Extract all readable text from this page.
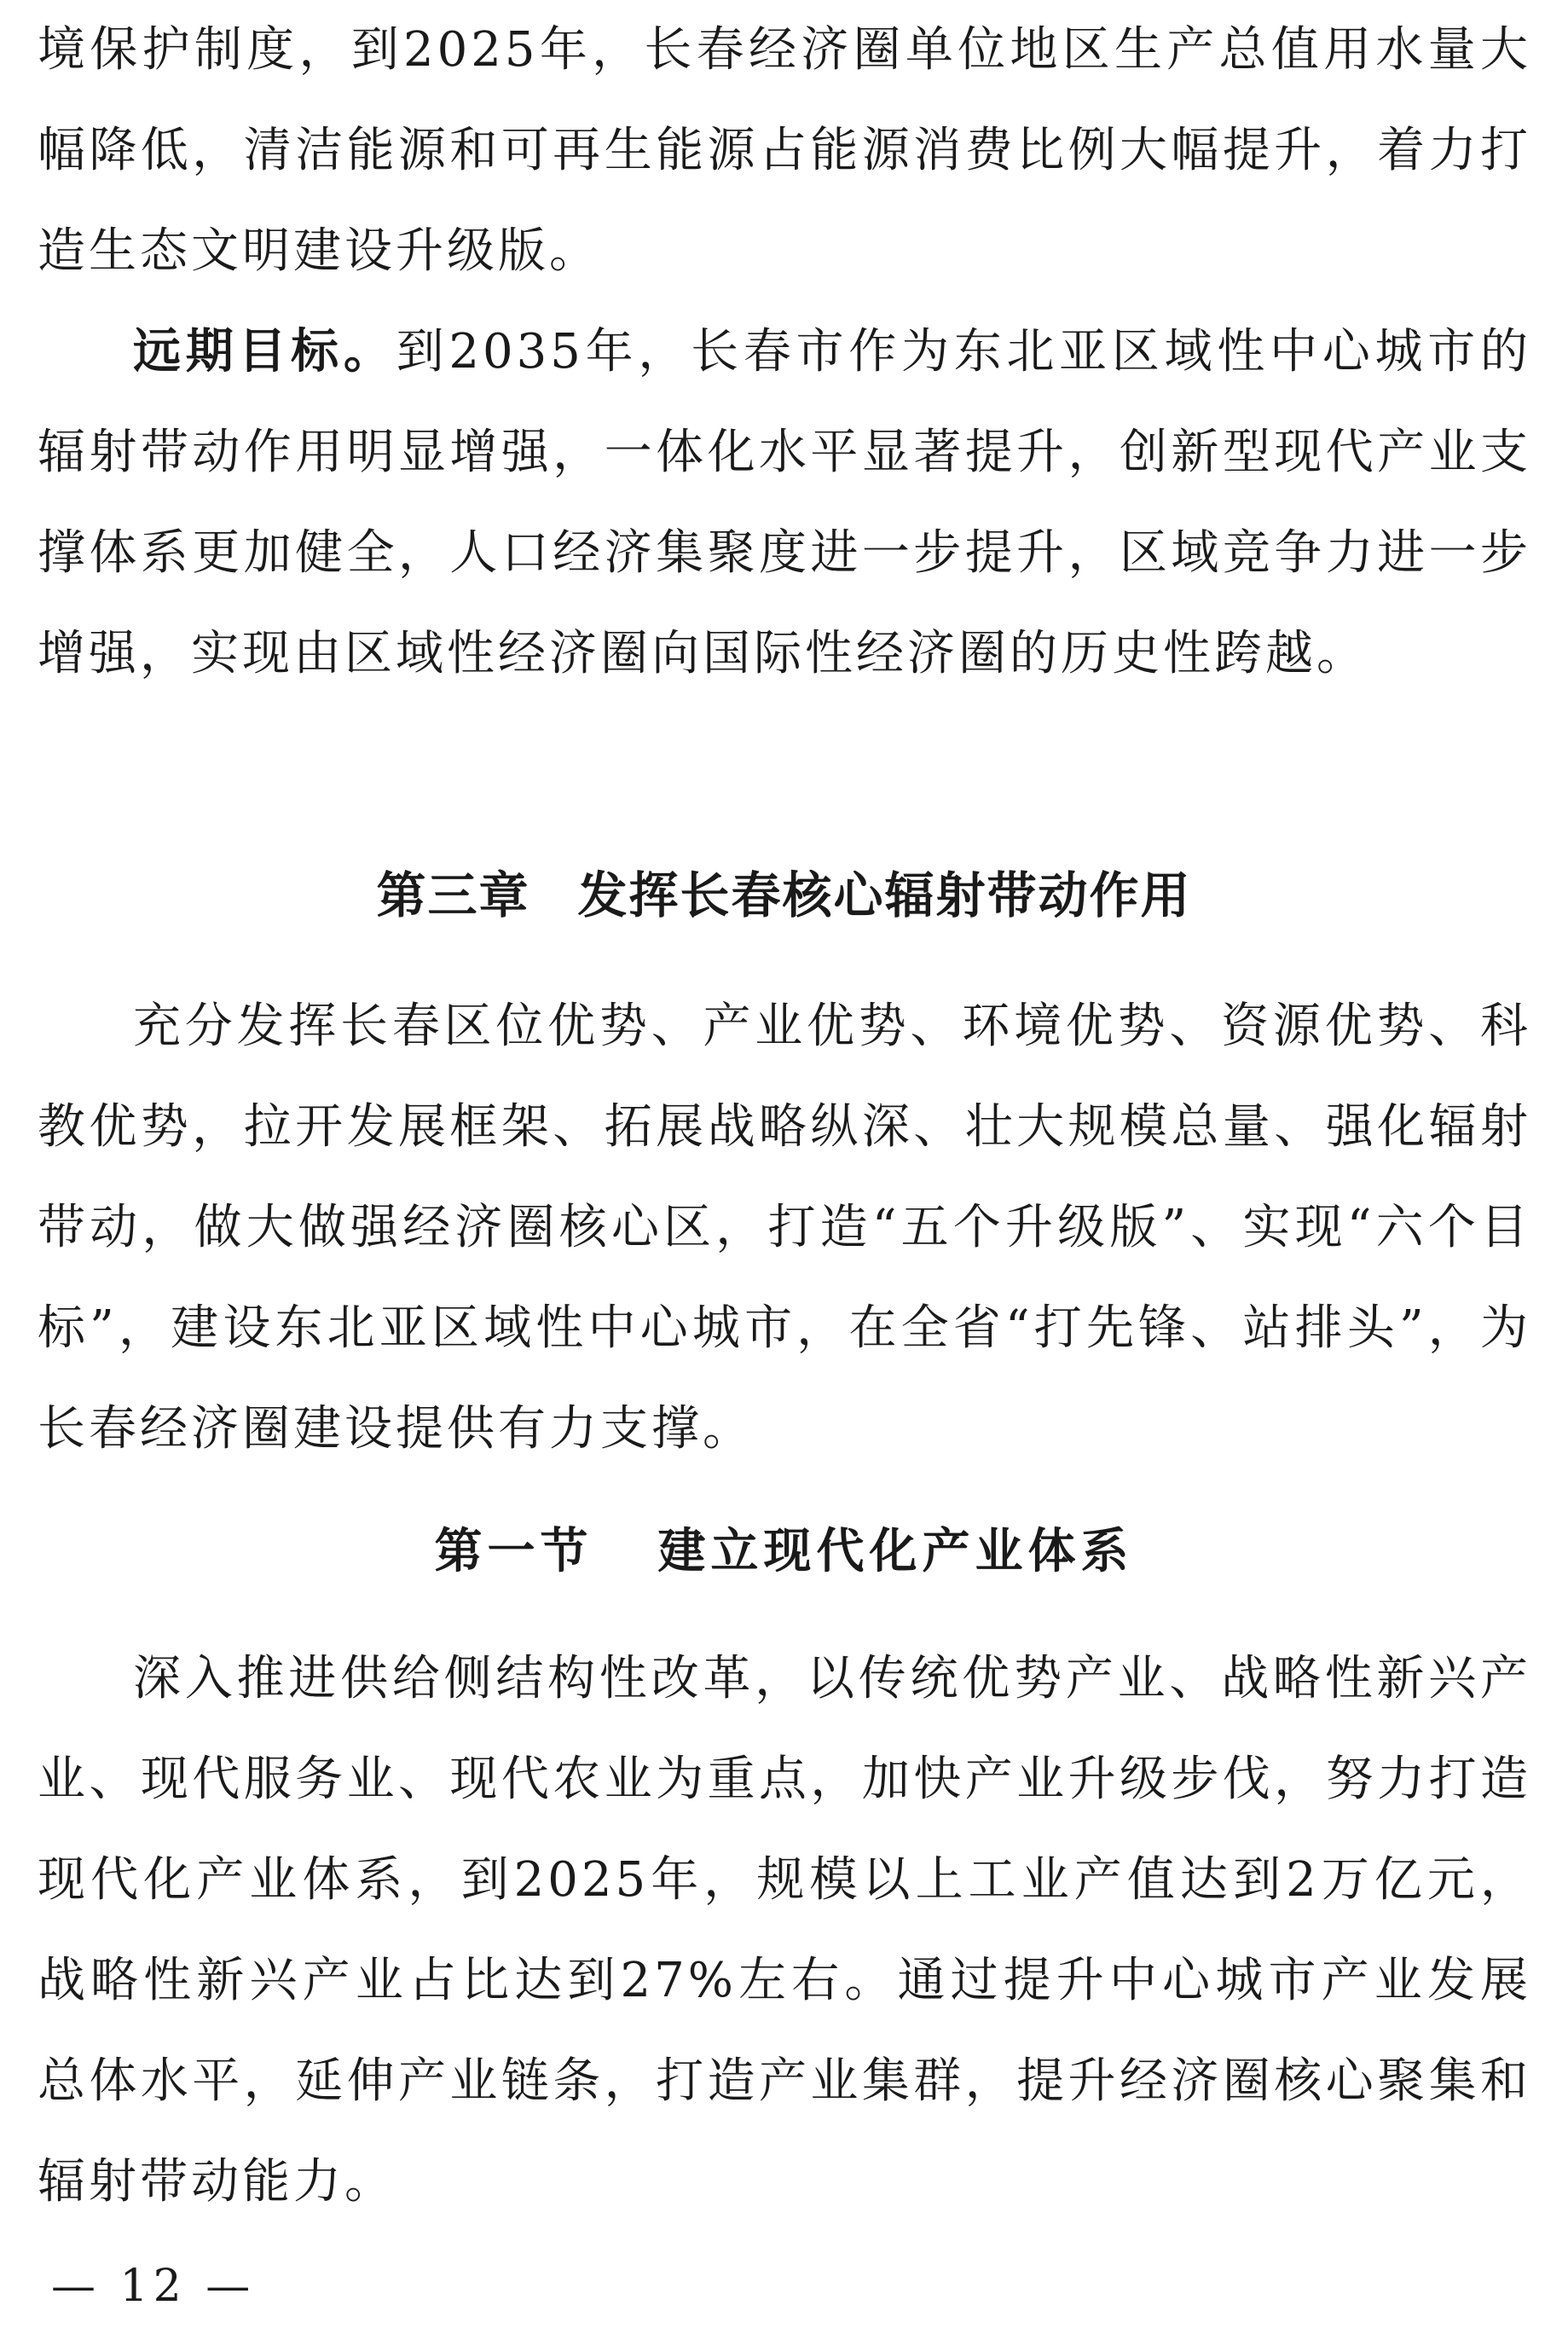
境保护制度，到2025年，长春经济圈单位地区生产总值用水量大幅降低，清洁能源和可再生能源占能源消费比例大幅提升，着力打造生态文明建设升级版。

远期目标。到2035年，长春市作为东北亚区域性中心城市的辐射带动作用明显增强，一体化水平显著提升，创新型现代产业支撑体系更加健全，人口经济集聚度进一步提升，区域竞争力进一步增强，实现由区域性经济圈向国际性经济圈的历史性跨越。

第三章 发挥长春核心辐射带动作用

充分发挥长春区位优势、产业优势、环境优势、资源优势、科教优势，拉开发展框架、拓展战略纵深、壮大规模总量、强化辐射带动，做大做强经济圈核心区，打造“五个升级版”、实现“六个目标”，建设东北亚区域性中心城市，在全省“打先锋、站排头”，为长春经济圈建设提供有力支撑。

第一节 建立现代化产业体系

深入推进供给侧结构性改革，以传统优势产业、战略性新兴产业、现代服务业、现代农业为重点，加快产业升级步伐，努力打造现代化产业体系，到2025年，规模以上工业产值达到2万亿元，战略性新兴产业占比达到27%左右。通过提升中心城市产业发展总体水平，延伸产业链条，打造产业集群，提升经济圈核心聚集和辐射带动能力。

— 12 —
